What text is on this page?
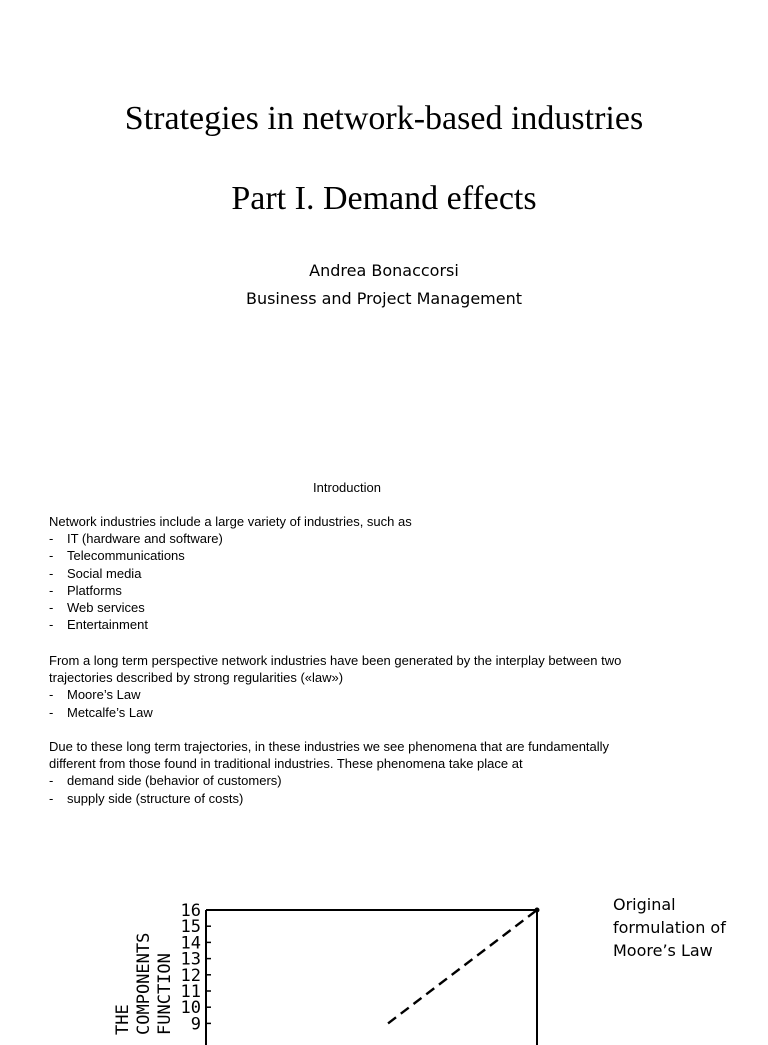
Strategies in network-based industries
Part I. Demand effects
Andrea Bonaccorsi
Business and Project Management
Introduction

Network industries include a large variety of industries, such as

- IT (hardware and software)
- Telecommunications
- Social media
- Platforms
- Web services
- Entertainment

From a long term perspective network industries have been generated by the interplay between two trajectories described by strong regularities («law»)

- Moore’s Law
- Metcalfe’s Law

Due to these long term trajectories, in these industries we see phenomena that are fundamentally different from those found in traditional industries. These phenomena take place at

- demand side (behavior of customers)
- supply side (structure of costs)
16
15
14
13
12
11
10
9
THE COMPONENTS FUNCTION
Original
formulation of
Moore’s Law
